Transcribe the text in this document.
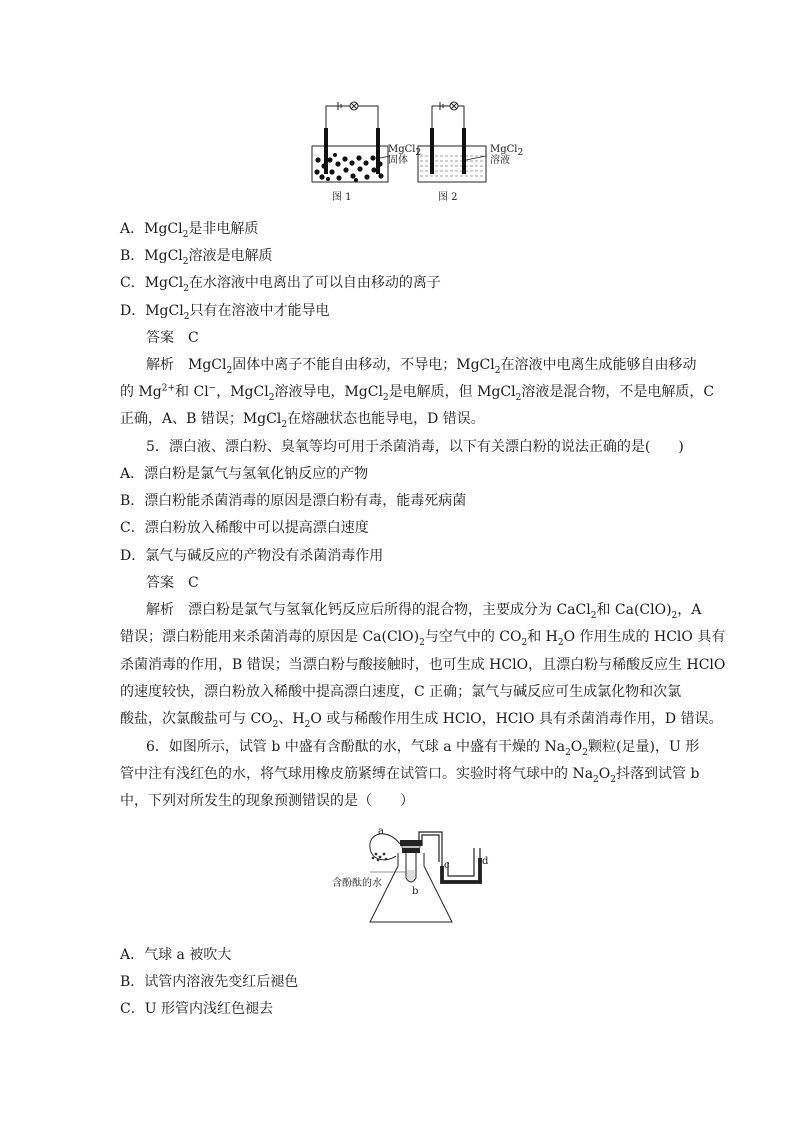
MgCl$_2$
固体
MgCl$_2$
溶液
图 1	图 2
A．MgCl$_2$是非电解质
B．MgCl$_2$溶液是电解质
C．MgCl$_2$在水溶液中电离出了可以自由移动的离子
D．MgCl$_2$只有在溶液中才能导电
答案　C
解析　MgCl$_2$固体中离子不能自由移动，不导电；MgCl$_2$在溶液中电离生成能够自由移动
的 $Mg^{2+}$和 Cl−，MgCl$_2$溶液导电，MgCl$_2$是电解质，但 MgCl$_2$溶液是混合物，不是电解质，C
正确，A、B 错误；MgCl$_2$在熔融状态也能导电，D 错误。
5．漂白液、漂白粉、臭氧等均可用于杀菌消毒，以下有关漂白粉的说法正确的是(　　)
A．漂白粉是氯气与氢氧化钠反应的产物
B．漂白粉能杀菌消毒的原因是漂白粉有毒，能毒死病菌
C．漂白粉放入稀酸中可以提高漂白速度
D．氯气与碱反应的产物没有杀菌消毒作用
答案　C
解析　漂白粉是氯气与氢氧化钙反应后所得的混合物，主要成分为 CaCl$_2$和 $Ca(ClO)_2$，A
错误；漂白粉能用来杀菌消毒的原因是 $Ca(ClO)_2$与空气中的 $CO_2$和 $H_2O$ 作用生成的 HClO 具有
杀菌消毒的作用，B 错误；当漂白粉与酸接触时，也可生成 HClO，且漂白粉与稀酸反应生 HClO
的速度较快，漂白粉放入稀酸中提高漂白速度，C 正确；氯气与碱反应可生成氯化物和次氯
酸盐，次氯酸盐可与 $CO_2$、$H_2O$ 或与稀酸作用生成 HClO，HClO 具有杀菌消毒作用，D 错误。
6．如图所示，试管 b 中盛有含酚酞的水，气球 a 中盛有干燥的 $Na_2O_2$颗粒(足量)，U 形
管中注有浅红色的水，将气球用橡皮筋紧缚在试管口。实验时将气球中的 $Na_2O_2$抖落到试管 b
中，下列对所发生的现象预测错误的是（　　）
a
b
c	d
含酚酞的水
A．气球 a 被吹大
B．试管内溶液先变红后褪色
C．U 形管内浅红色褪去
